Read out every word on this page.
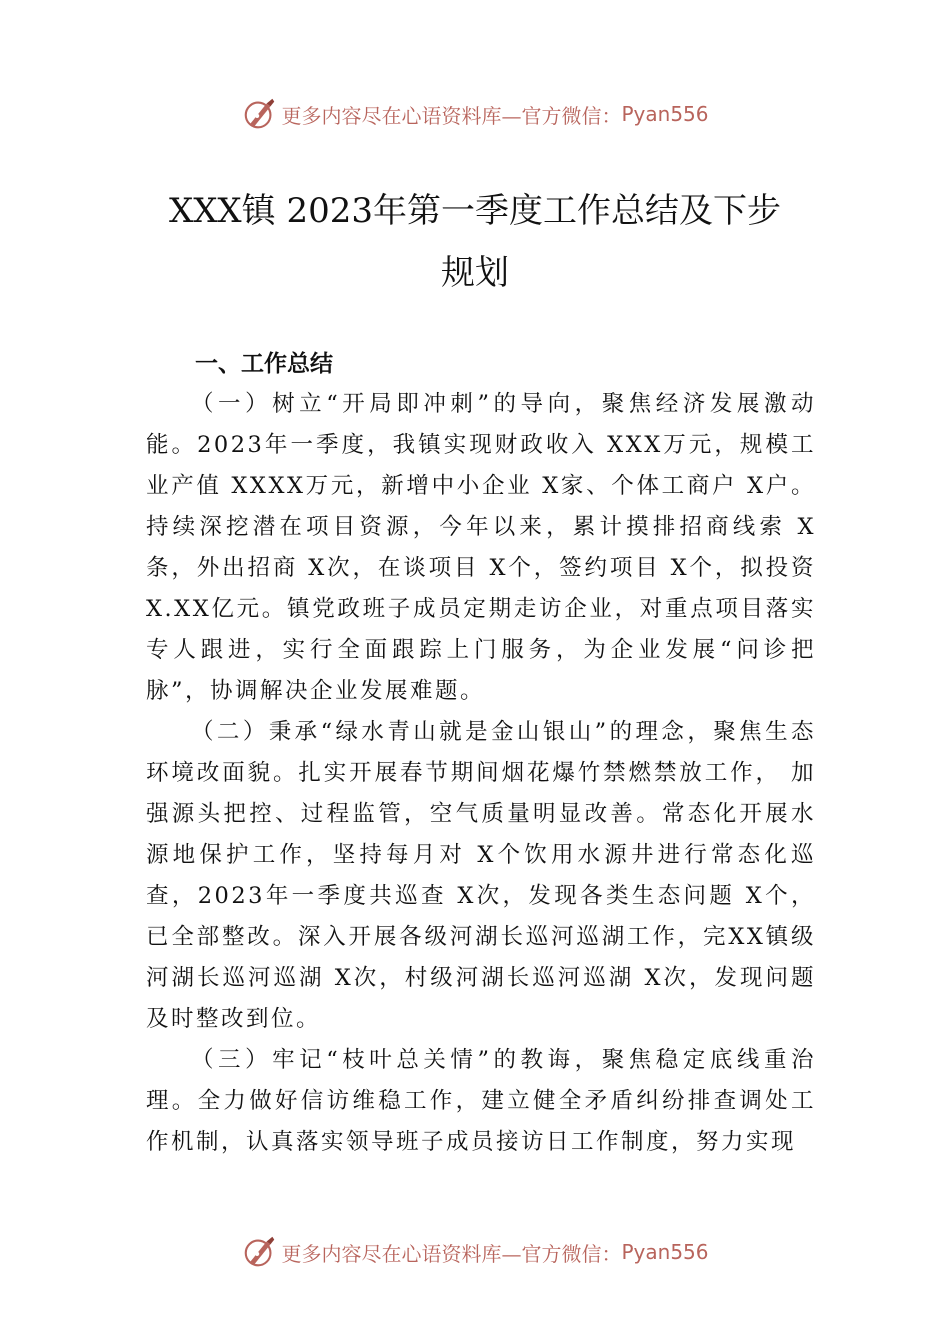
更多内容尽在心语资料库—官方微信： Pyan556
XXX镇 2023年第一季度工作总结及下步
规划
一、工作总结

（一）树立“开局即冲刺”的导向，聚焦经济发展激动能。2023年一季度，我镇实现财政收入 XXX万元，规模工业产值 XXXX万元，新增中小企业 X家、个体工商户 X户。持续深挖潜在项目资源，今年以来，累计摸排招商线索 X条，外出招商 X次，在谈项目 X个，签约项目 X个，拟投资X.XX亿元。镇党政班子成员定期走访企业，对重点项目落实专人跟进，实行全面跟踪上门服务，为企业发展“问诊把脉”，协调解决企业发展难题。

（二）秉承“绿水青山就是金山银山”的理念，聚焦生态环境改面貌。扎实开展春节期间烟花爆竹禁燃禁放工作， 加强源头把控、过程监管，空气质量明显改善。常态化开展水源地保护工作，坚持每月对 X个饮用水源井进行常态化巡查，2023年一季度共巡查 X次，发现各类生态问题 X个，已全部整改。深入开展各级河湖长巡河巡湖工作，完XX镇级河湖长巡河巡湖 X次，村级河湖长巡河巡湖 X次，发现问题及时整改到位。

（三）牢记“枝叶总关情”的教诲，聚焦稳定底线重治理。全力做好信访维稳工作，建立健全矛盾纠纷排查调处工作机制，认真落实领导班子成员接访日工作制度，努力实现

更多内容尽在心语资料库—官方微信： Pyan556
